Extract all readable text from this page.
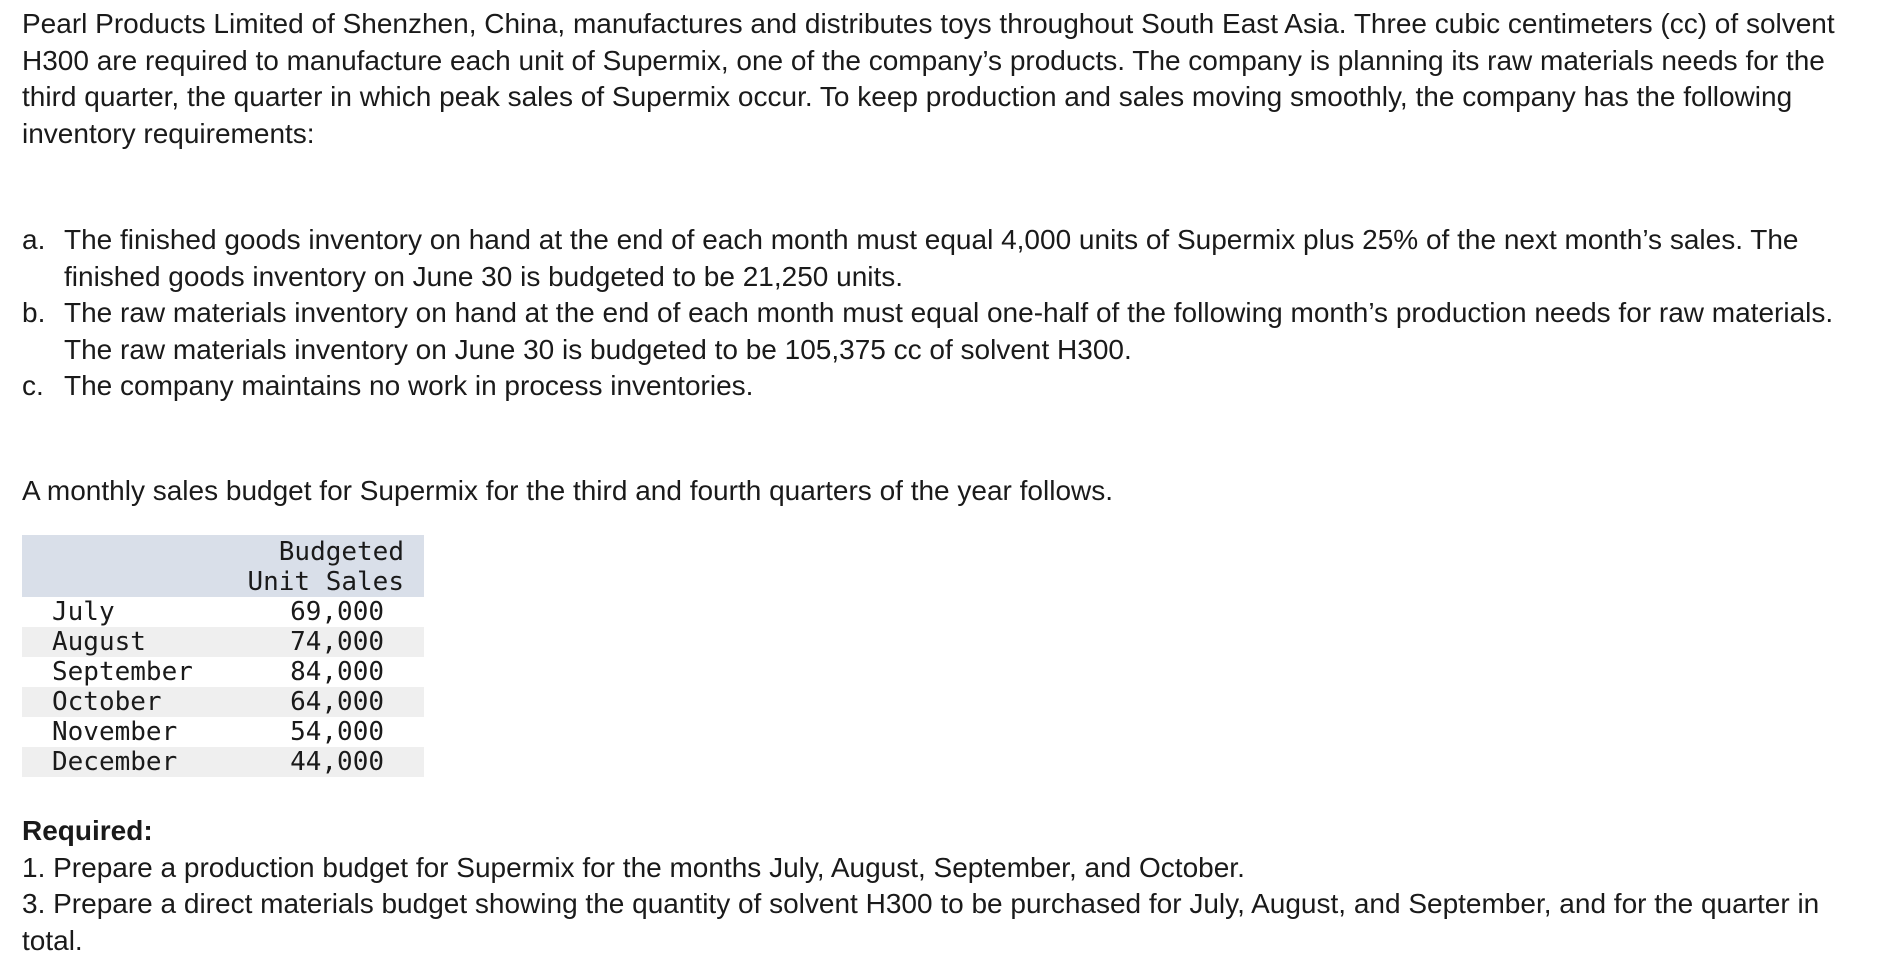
Pearl Products Limited of Shenzhen, China, manufactures and distributes toys throughout South East Asia. Three cubic centimeters (cc) of solvent H300 are required to manufacture each unit of Supermix, one of the company’s products. The company is planning its raw materials needs for the third quarter, the quarter in which peak sales of Supermix occur. To keep production and sales moving smoothly, the company has the following inventory requirements:

a. The finished goods inventory on hand at the end of each month must equal 4,000 units of Supermix plus 25% of the next month’s sales. The finished goods inventory on June 30 is budgeted to be 21,250 units.
b. The raw materials inventory on hand at the end of each month must equal one-half of the following month’s production needs for raw materials. The raw materials inventory on June 30 is budgeted to be 105,375 cc of solvent H300.
c. The company maintains no work in process inventories.

A monthly sales budget for Supermix for the third and fourth quarters of the year follows.

	Budgeted
Unit Sales

July	69,000
August	74,000
September	84,000
October	64,000
November	54,000
December	44,000
Required:

1. Prepare a production budget for Supermix for the months July, August, September, and October.

3. Prepare a direct materials budget showing the quantity of solvent H300 to be purchased for July, August, and September, and for the quarter in total.
